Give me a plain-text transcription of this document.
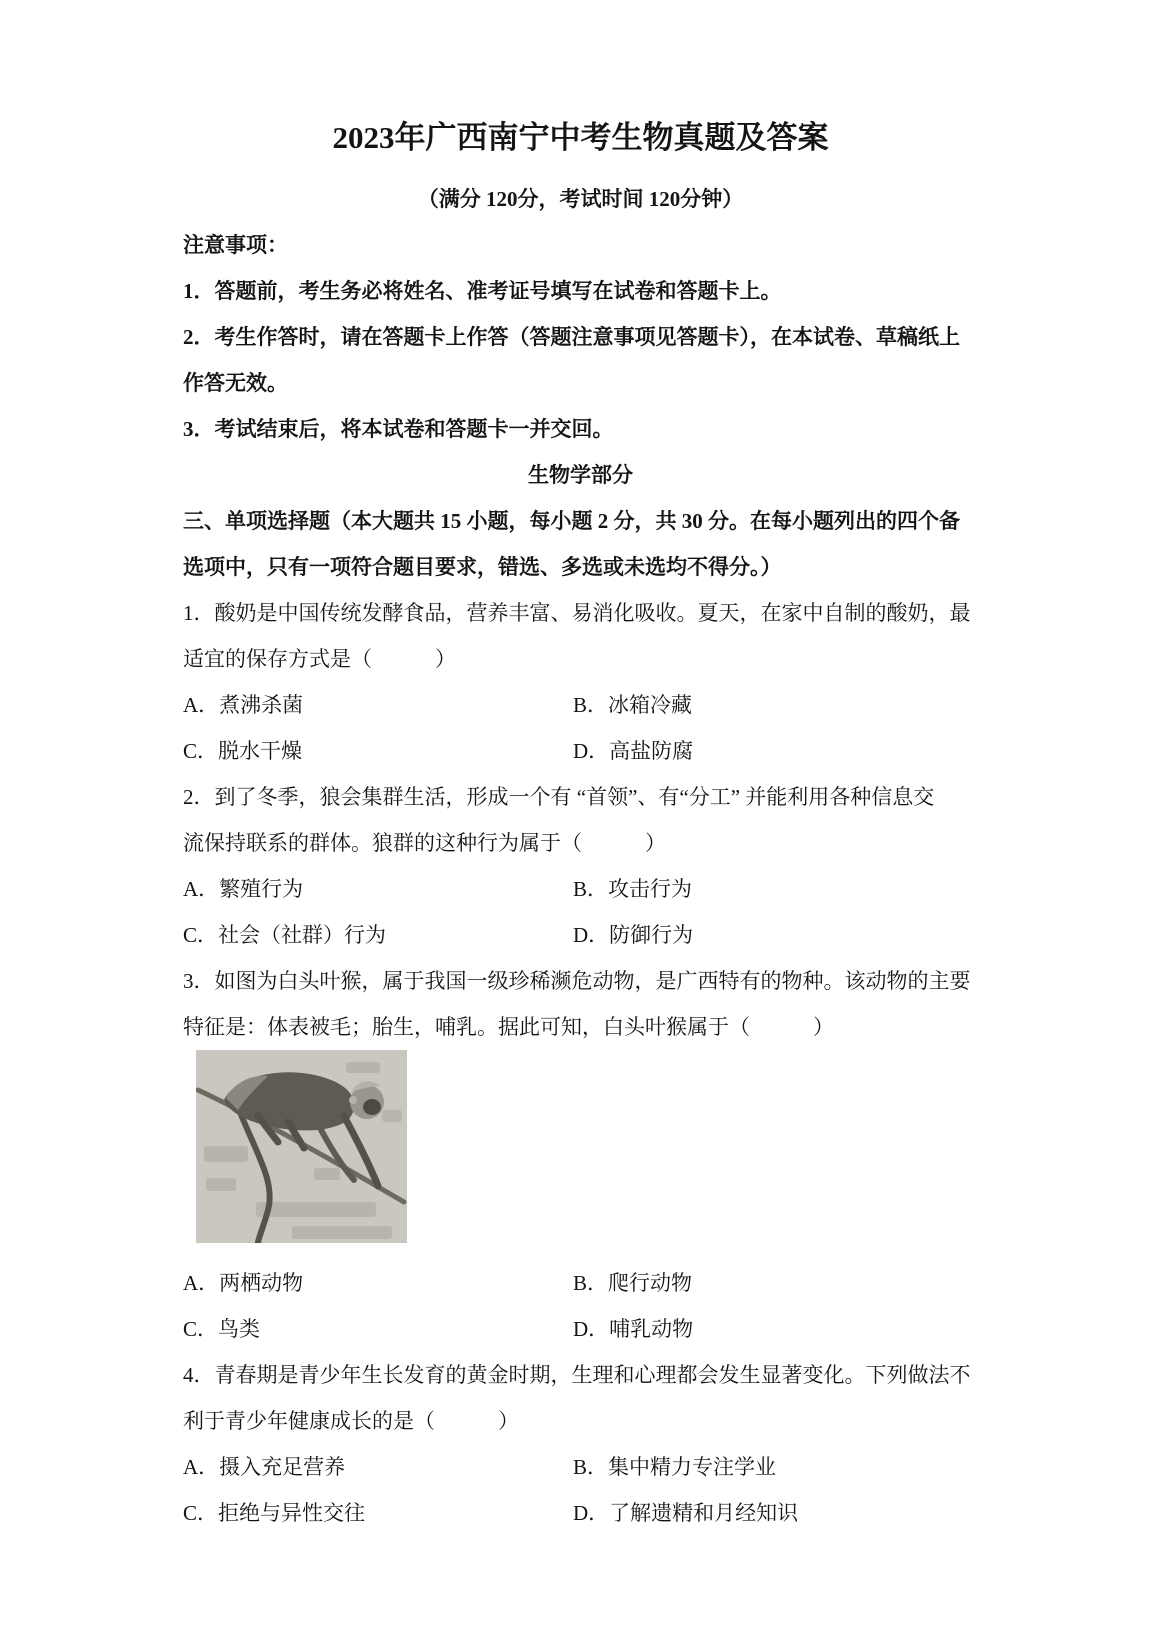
2023年广西南宁中考生物真题及答案
（满分 120分，考试时间 120分钟）
注意事项：
1．答题前，考生务必将姓名、准考证号填写在试卷和答题卡上。
2．考生作答时，请在答题卡上作答（答题注意事项见答题卡），在本试卷、草稿纸上
作答无效。
3．考试结束后，将本试卷和答题卡一并交回。
生物学部分
三、单项选择题（本大题共 15 小题，每小题 2 分，共 30 分。在每小题列出的四个备
选项中，只有一项符合题目要求，错选、多选或未选均不得分。）
1．酸奶是中国传统发酵食品，营养丰富、易消化吸收。夏天，在家中自制的酸奶，最
适宜的保存方式是（　　　）
A．煮沸杀菌	B．冰箱冷藏
C．脱水干燥	D．高盐防腐
2．到了冬季，狼会集群生活，形成一个有 “首领”、有“分工” 并能利用各种信息交
流保持联系的群体。狼群的这种行为属于（　　　）
A．繁殖行为	B．攻击行为
C．社会（社群）行为	D．防御行为
3．如图为白头叶猴，属于我国一级珍稀濒危动物，是广西特有的物种。该动物的主要
特征是：体表被毛；胎生，哺乳。据此可知，白头叶猴属于（　　　）
A．两栖动物	B．爬行动物
C．鸟类	D．哺乳动物
4．青春期是青少年生长发育的黄金时期，生理和心理都会发生显著变化。下列做法不
利于青少年健康成长的是（　　　）
A．摄入充足营养	B．集中精力专注学业
C．拒绝与异性交往	D．了解遗精和月经知识
